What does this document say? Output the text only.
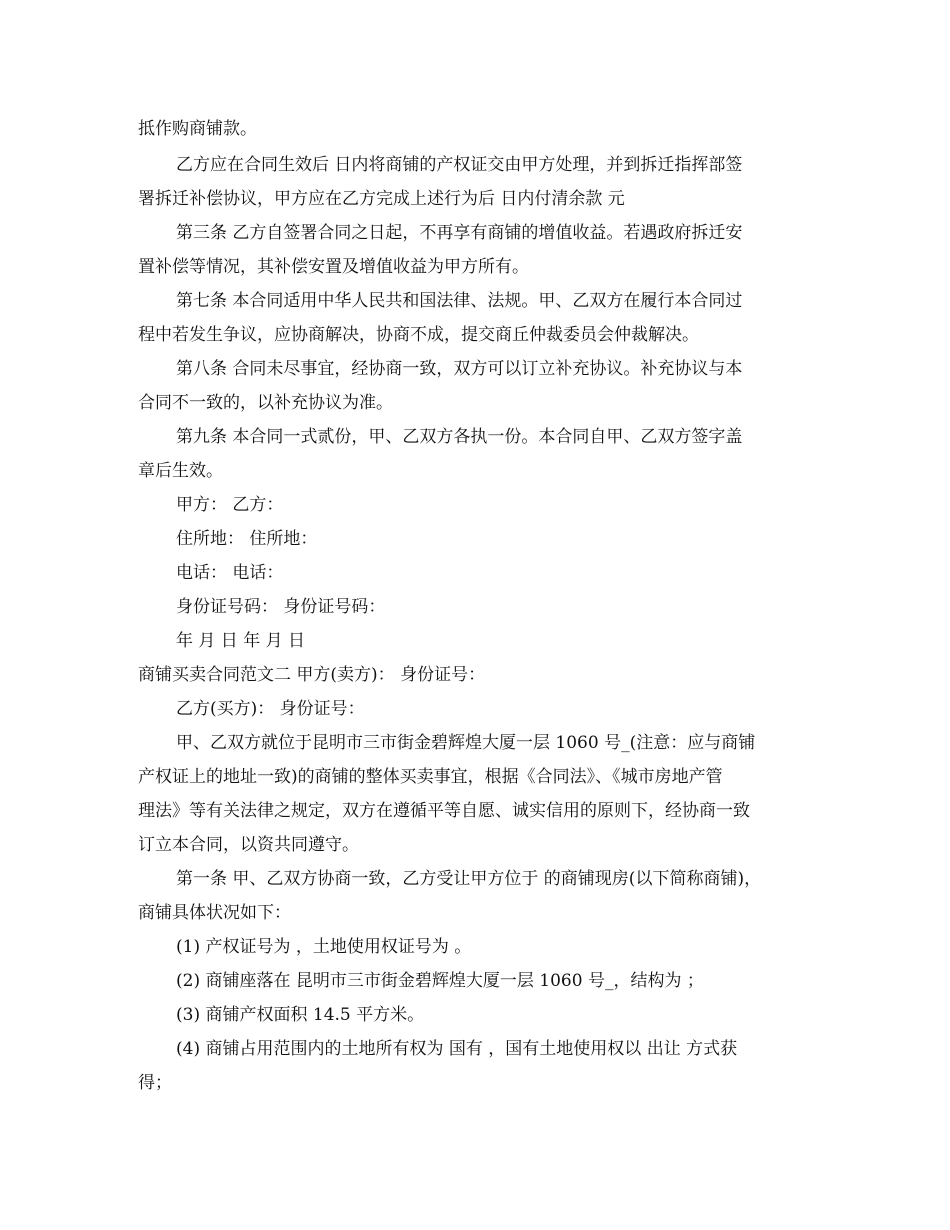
抵作购商铺款。
乙方应在合同生效后 日内将商铺的产权证交由甲方处理，并到拆迁指挥部签
署拆迁补偿协议，甲方应在乙方完成上述行为后 日内付清余款 元
第三条 乙方自签署合同之日起，不再享有商铺的增值收益。若遇政府拆迁安
置补偿等情况，其补偿安置及增值收益为甲方所有。
第七条 本合同适用中华人民共和国法律、法规。甲、乙双方在履行本合同过
程中若发生争议，应协商解决，协商不成，提交商丘仲裁委员会仲裁解决。
第八条 合同未尽事宜，经协商一致，双方可以订立补充协议。补充协议与本
合同不一致的，以补充协议为准。
第九条 本合同一式贰份，甲、乙双方各执一份。本合同自甲、乙双方签字盖
章后生效。
甲方： 乙方：
住所地： 住所地：
电话： 电话：
身份证号码： 身份证号码：
年 月 日 年 月 日
商铺买卖合同范文二 甲方(卖方)： 身份证号：
乙方(买方)： 身份证号：
甲、乙双方就位于昆明市三市街金碧辉煌大厦一层 1060 号_(注意：应与商铺
产权证上的地址一致)的商铺的整体买卖事宜，根据《合同法》、《城市房地产管
理法》等有关法律之规定，双方在遵循平等自愿、诚实信用的原则下，经协商一致
订立本合同，以资共同遵守。
第一条 甲、乙双方协商一致，乙方受让甲方位于 的商铺现房(以下简称商铺)，
商铺具体状况如下：
(1) 产权证号为 ，土地使用权证号为 。
(2) 商铺座落在 昆明市三市街金碧辉煌大厦一层 1060 号_，结构为 ；
(3) 商铺产权面积 14.5 平方米。
(4) 商铺占用范围内的土地所有权为 国有 ，国有土地使用权以 出让 方式获
得；
